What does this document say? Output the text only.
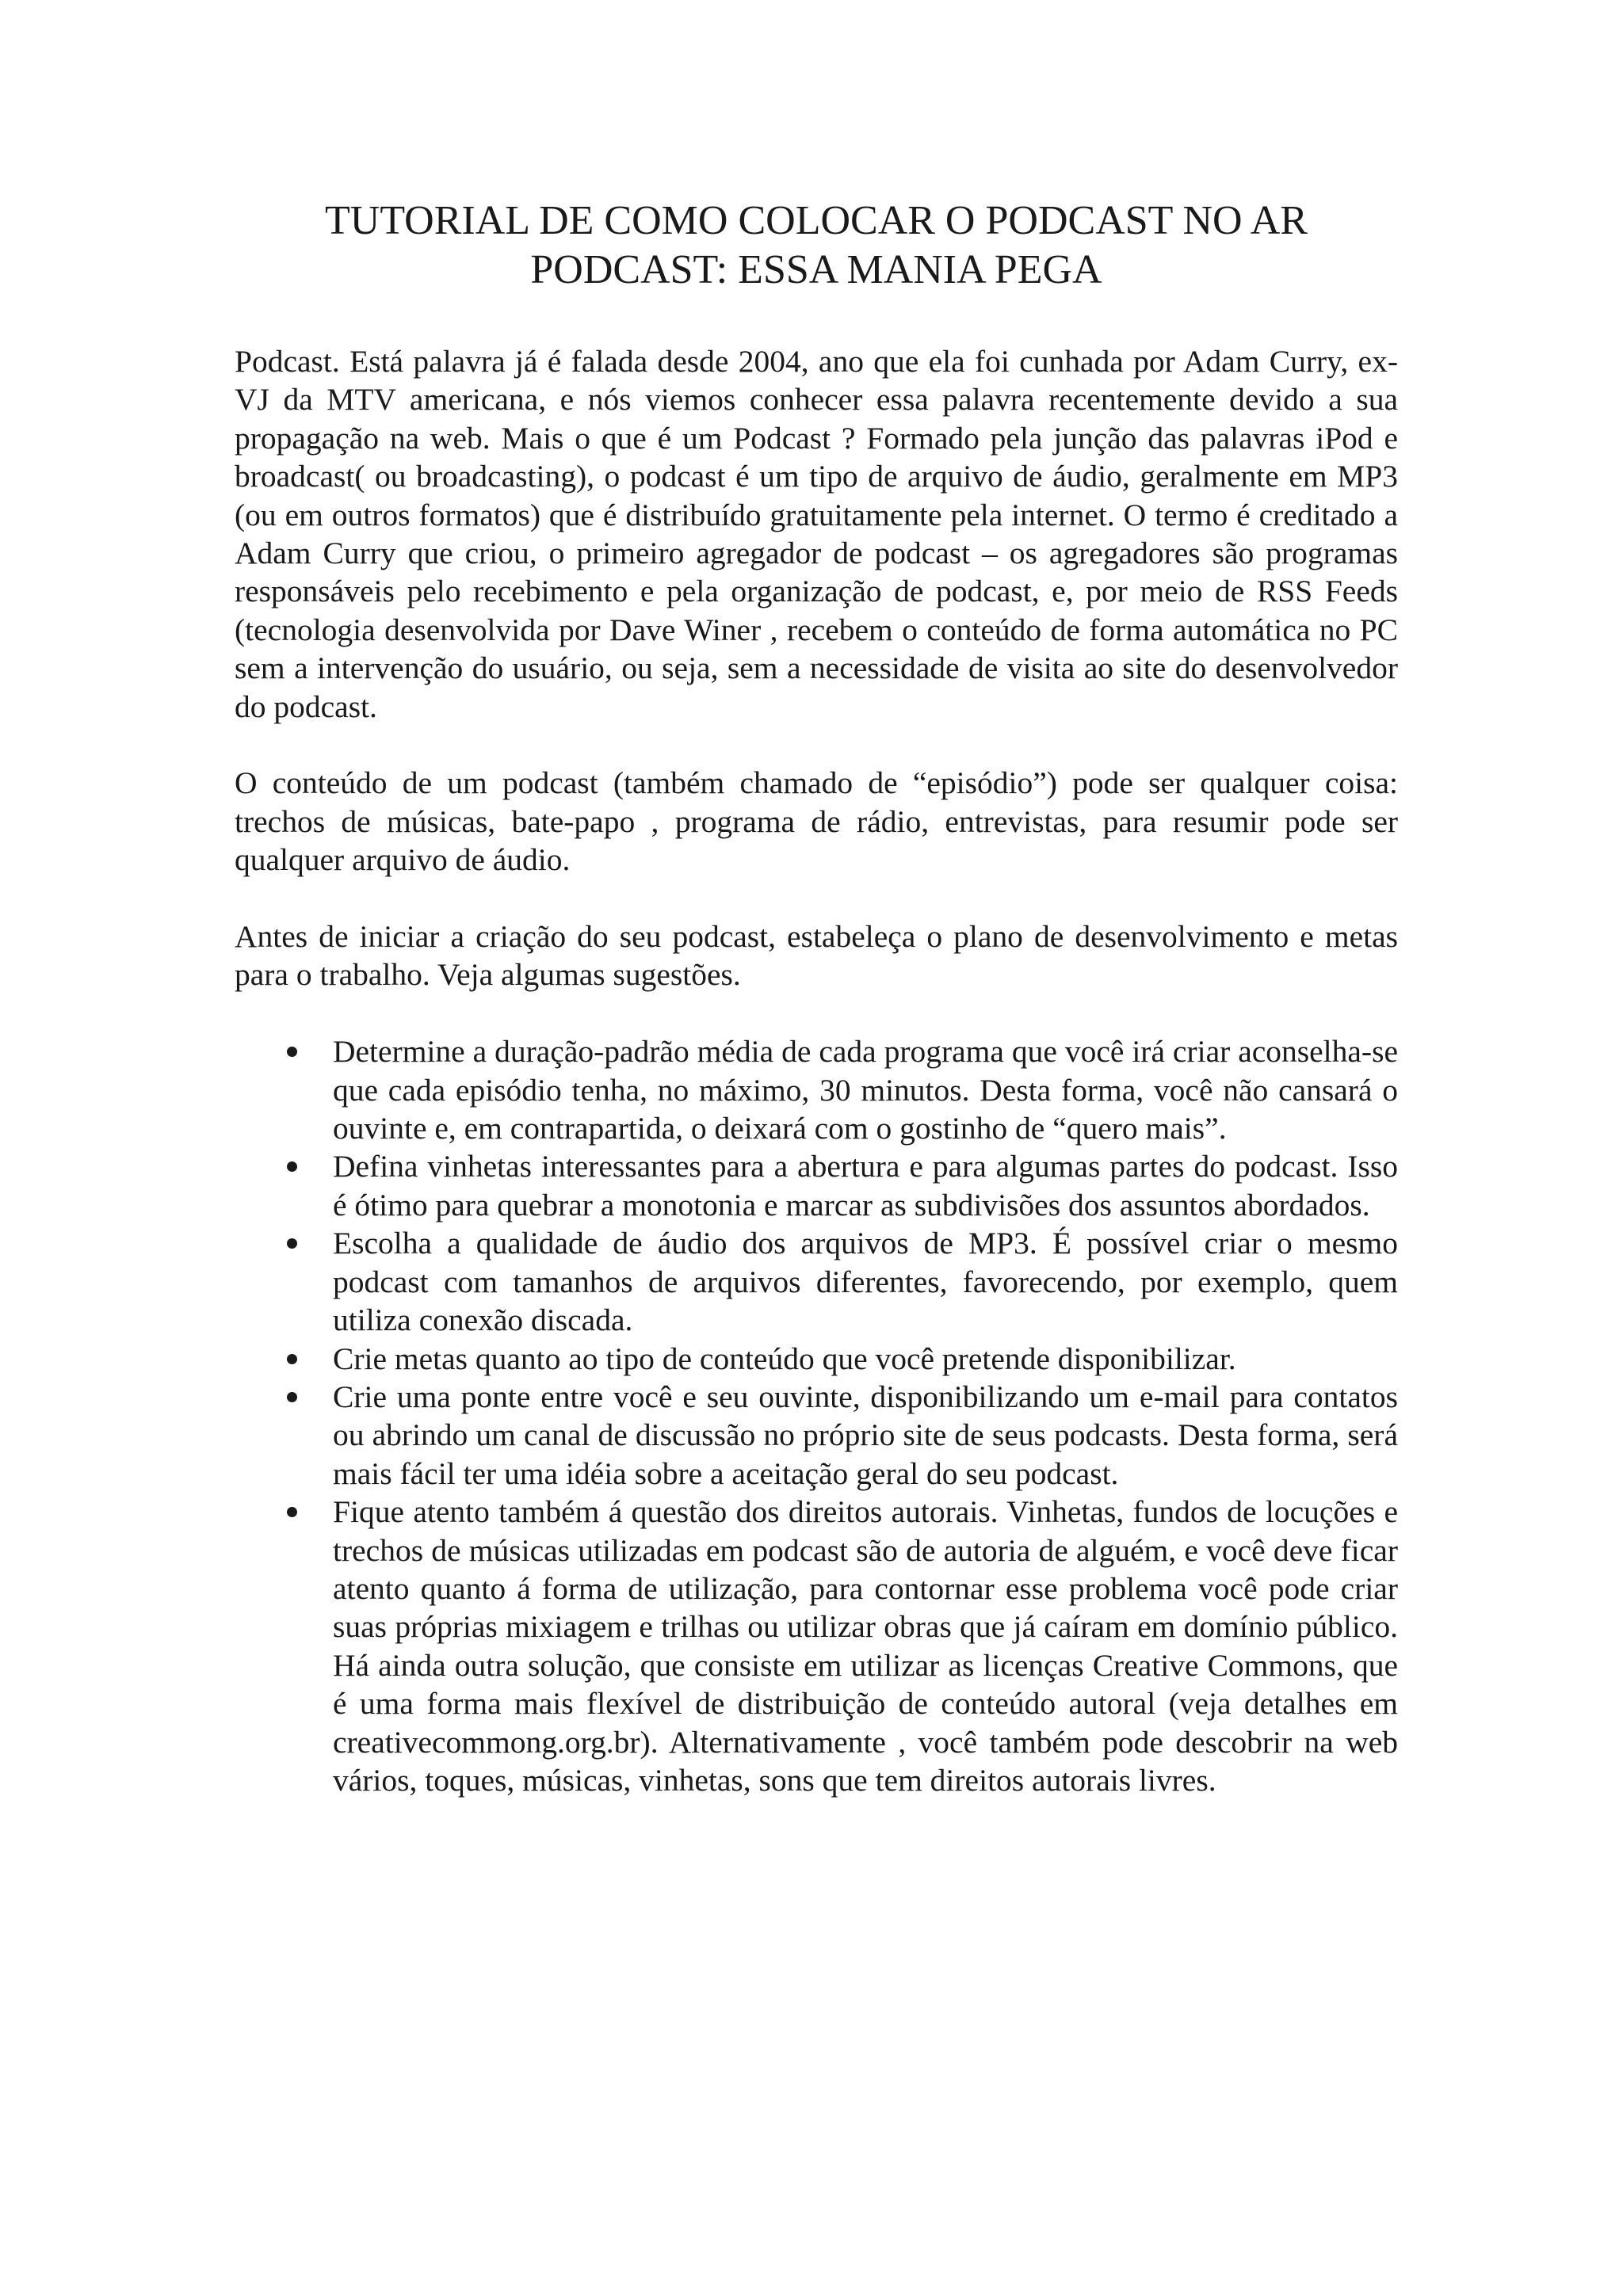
TUTORIAL DE COMO COLOCAR O PODCAST NO AR
PODCAST: ESSA MANIA PEGA

Podcast. Está palavra já é falada desde 2004, ano que ela foi cunhada por Adam Curry, ex-VJ da MTV americana, e nós viemos conhecer essa palavra recentemente devido a sua propagação na web. Mais o que é um Podcast ? Formado pela junção das palavras iPod e broadcast( ou broadcasting), o podcast é um tipo de arquivo de áudio, geralmente em MP3 (ou em outros formatos) que é distribuído gratuitamente pela internet. O termo é creditado a Adam Curry que criou, o primeiro agregador de podcast – os agregadores são programas responsáveis pelo recebimento e pela organização de podcast, e, por meio de RSS Feeds (tecnologia desenvolvida por Dave Winer , recebem o conteúdo de forma automática no PC sem a intervenção do usuário, ou seja, sem a necessidade de visita ao site do desenvolvedor do podcast.

O conteúdo de um podcast (também chamado de “episódio”) pode ser qualquer coisa: trechos de músicas, bate-papo , programa de rádio, entrevistas, para resumir pode ser qualquer arquivo de áudio.

Antes de iniciar a criação do seu podcast, estabeleça o plano de desenvolvimento e metas para o trabalho. Veja algumas sugestões.

Determine a duração-padrão média de cada programa que você irá criar aconselha-se que cada episódio tenha, no máximo, 30 minutos. Desta forma, você não cansará o ouvinte e, em contrapartida, o deixará com o gostinho de “quero mais”.
Defina vinhetas interessantes para a abertura e para algumas partes do podcast. Isso é ótimo para quebrar a monotonia e marcar as subdivisões dos assuntos abordados.
Escolha a qualidade de áudio dos arquivos de MP3. É possível criar o mesmo podcast com tamanhos de arquivos diferentes, favorecendo, por exemplo, quem utiliza conexão discada.
Crie metas quanto ao tipo de conteúdo que você pretende disponibilizar.
Crie uma ponte entre você e seu ouvinte, disponibilizando um e-mail para contatos ou abrindo um canal de discussão no próprio site de seus podcasts. Desta forma, será mais fácil ter uma idéia sobre a aceitação geral do seu podcast.
Fique atento também á questão dos direitos autorais. Vinhetas, fundos de locuções e trechos de músicas utilizadas em podcast são de autoria de alguém, e você deve ficar atento quanto á forma de utilização, para contornar esse problema você pode criar suas próprias mixiagem e trilhas ou utilizar obras que já caíram em domínio público. Há ainda outra solução, que consiste em utilizar as licenças Creative Commons, que é uma forma mais flexível de distribuição de conteúdo autoral (veja detalhes em creativecommong.org.br). Alternativamente , você também pode descobrir na web vários, toques, músicas, vinhetas, sons que tem direitos autorais livres.
